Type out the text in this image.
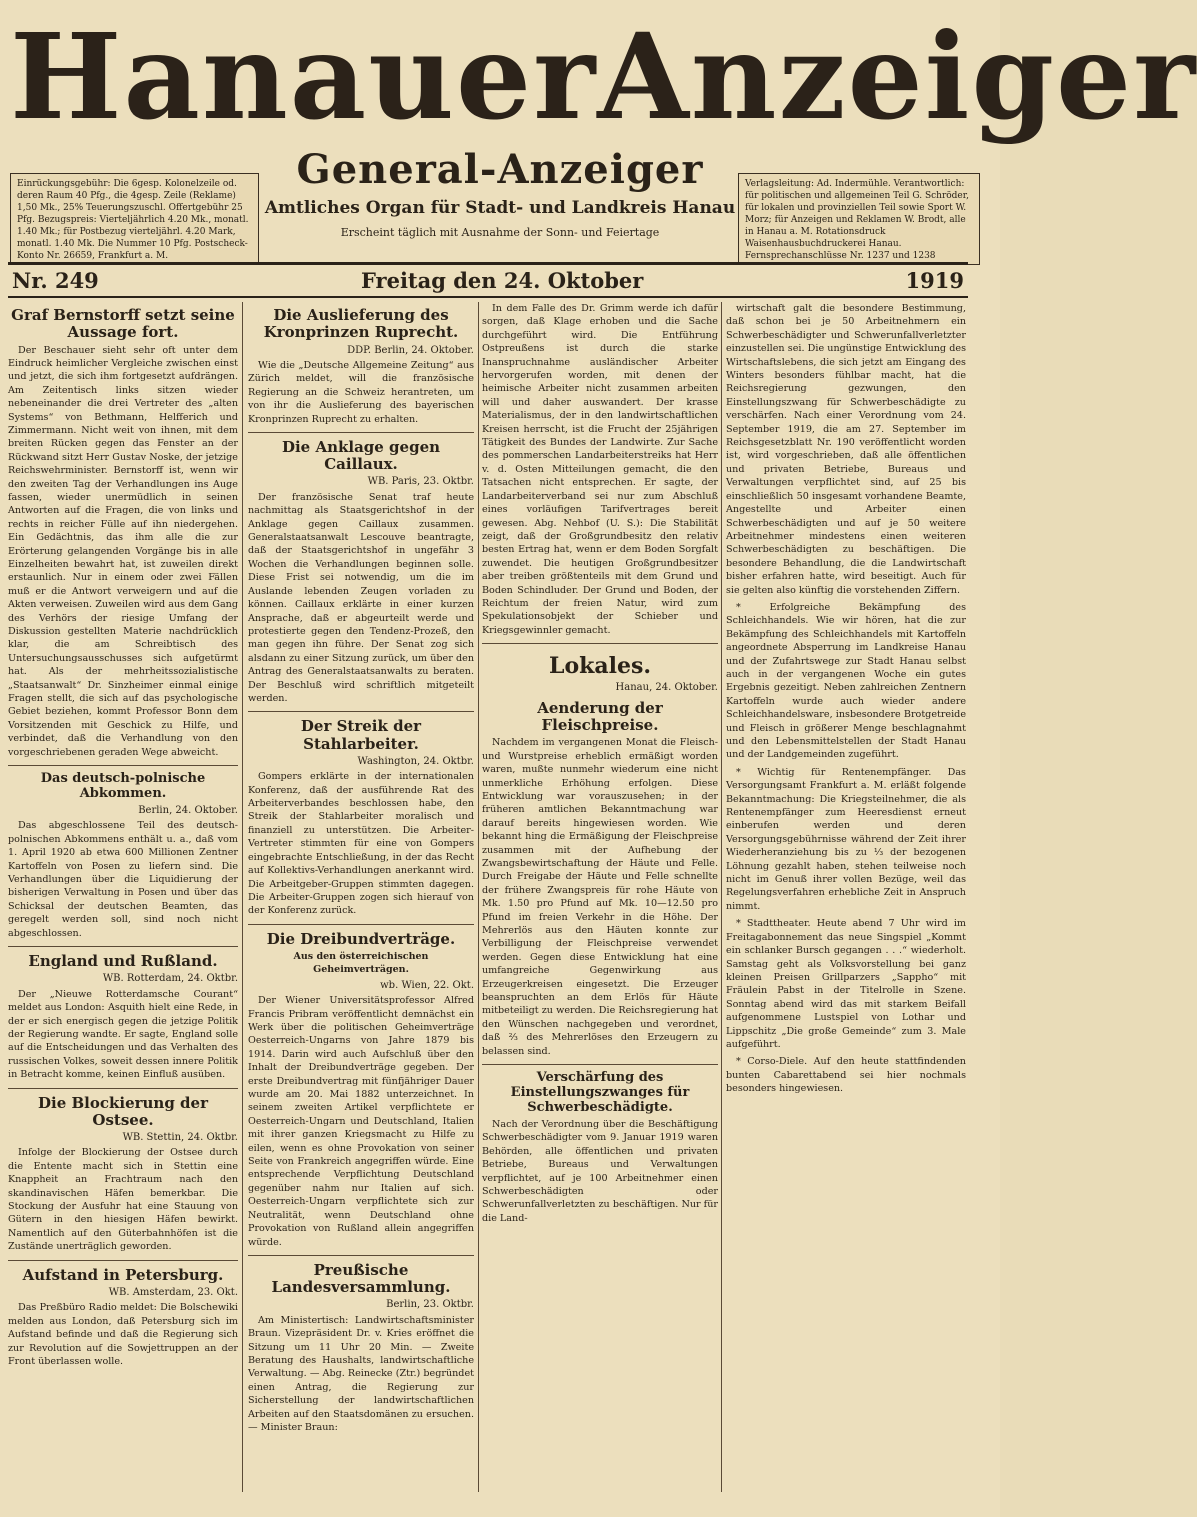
Hanauer Anzeiger
General-Anzeiger
Amtliches Organ für Stadt- und Landkreis Hanau
Erscheint täglich mit Ausnahme der Sonn- und Feiertage
Einrückungsgebühr: Die 6gesp. Kolonelzeile od. deren Raum 40 Pfg., die 4gesp. Zeile (Reklame) 1,50 Mk., 25% Teuerungszuschl. Offertgebühr 25 Pfg. Bezugspreis: Vierteljährlich 4.20 Mk., monatl. 1.40 Mk.; für Postbezug vierteljährl. 4.20 Mark, monatl. 1.40 Mk. Die Nummer 10 Pfg. Postscheck-Konto Nr. 26659, Frankfurt a. M.
Verlagsleitung: Ad. Indermühle. Verantwortlich: für politischen und allgemeinen Teil G. Schröder, für lokalen und provinziellen Teil sowie Sport W. Morz; für Anzeigen und Reklamen W. Brodt, alle in Hanau a. M. Rotationsdruck Waisenhausbuchdruckerei Hanau. Fernsprechanschlüsse Nr. 1237 und 1238
Nr. 249	Freitag den 24. Oktober	1919
Graf Bernstorff setzt seine Aussage fort.

Der Beschauer sieht sehr oft unter dem Eindruck heimlicher Vergleiche zwischen einst und jetzt, die sich ihm fortgesetzt aufdrängen. Am Zeitentisch links sitzen wieder nebeneinander die drei Vertreter des „alten Systems“ von Bethmann, Helfferich und Zimmermann. Nicht weit von ihnen, mit dem breiten Rücken gegen das Fenster an der Rückwand sitzt Herr Gustav Noske, der jetzige Reichswehrminister. Bernstorff ist, wenn wir den zweiten Tag der Verhandlungen ins Auge fassen, wieder unermüdlich in seinen Antworten auf die Fragen, die von links und rechts in reicher Fülle auf ihn niedergehen. Ein Gedächtnis, das ihm alle die zur Erörterung gelangenden Vorgänge bis in alle Einzelheiten bewahrt hat, ist zuweilen direkt erstaunlich. Nur in einem oder zwei Fällen muß er die Antwort verweigern und auf die Akten verweisen. Zuweilen wird aus dem Gang des Verhörs der riesige Umfang der Diskussion gestellten Materie nachdrücklich klar, die am Schreibtisch des Untersuchungsausschusses sich aufgetürmt hat. Als der mehrheitssozialistische „Staatsanwalt“ Dr. Sinzheimer einmal einige Fragen stellt, die sich auf das psychologische Gebiet beziehen, kommt Professor Bonn dem Vorsitzenden mit Geschick zu Hilfe, und verbindet, daß die Verhandlung von den vorgeschriebenen geraden Wege abweicht.

Das deutsch-polnische Abkommen.
Berlin, 24. Oktober.

Das abgeschlossene Teil des deutsch-polnischen Abkommens enthält u. a., daß vom 1. April 1920 ab etwa 600 Millionen Zentner Kartoffeln von Posen zu liefern sind. Die Verhandlungen über die Liquidierung der bisherigen Verwaltung in Posen und über das Schicksal der deutschen Beamten, das geregelt werden soll, sind noch nicht abgeschlossen.

England und Rußland.
WB. Rotterdam, 24. Oktbr.

Der „Nieuwe Rotterdamsche Courant“ meldet aus London: Asquith hielt eine Rede, in der er sich energisch gegen die jetzige Politik der Regierung wandte. Er sagte, England solle auf die Entscheidungen und das Verhalten des russischen Volkes, soweit dessen innere Politik in Betracht komme, keinen Einfluß ausüben.

Die Blockierung der Ostsee.
WB. Stettin, 24. Oktbr.

Infolge der Blockierung der Ostsee durch die Entente macht sich in Stettin eine Knappheit an Frachtraum nach den skandinavischen Häfen bemerkbar. Die Stockung der Ausfuhr hat eine Stauung von Gütern in den hiesigen Häfen bewirkt. Namentlich auf den Güterbahnhöfen ist die Zustände unerträglich geworden.

Aufstand in Petersburg.
WB. Amsterdam, 23. Okt.

Das Preßbüro Radio meldet: Die Bolschewiki melden aus London, daß Petersburg sich im Aufstand befinde und daß die Regierung sich zur Revolution auf die Sowjettruppen an der Front überlassen wolle.

Die Auslieferung des Kronprinzen Ruprecht.
DDP. Berlin, 24. Oktober.

Wie die „Deutsche Allgemeine Zeitung“ aus Zürich meldet, will die französische Regierung an die Schweiz herantreten, um von ihr die Auslieferung des bayerischen Kronprinzen Ruprecht zu erhalten.

Die Anklage gegen Caillaux.
WB. Paris, 23. Oktbr.

Der französische Senat traf heute nachmittag als Staatsgerichtshof in der Anklage gegen Caillaux zusammen. Generalstaatsanwalt Lescouve beantragte, daß der Staatsgerichtshof in ungefähr 3 Wochen die Verhandlungen beginnen solle. Diese Frist sei notwendig, um die im Auslande lebenden Zeugen vorladen zu können. Caillaux erklärte in einer kurzen Ansprache, daß er abgeurteilt werde und protestierte gegen den Tendenz-Prozeß, den man gegen ihn führe. Der Senat zog sich alsdann zu einer Sitzung zurück, um über den Antrag des Generalstaatsanwalts zu beraten. Der Beschluß wird schriftlich mitgeteilt werden.

Der Streik der Stahlarbeiter.
Washington, 24. Oktbr.

Gompers erklärte in der internationalen Konferenz, daß der ausführende Rat des Arbeiterverbandes beschlossen habe, den Streik der Stahlarbeiter moralisch und finanziell zu unterstützen. Die Arbeiter-Vertreter stimmten für eine von Gompers eingebrachte Entschließung, in der das Recht auf Kollektivs-Verhandlungen anerkannt wird. Die Arbeitgeber-Gruppen stimmten dagegen. Die Arbeiter-Gruppen zogen sich hierauf von der Konferenz zurück.

Die Dreibundverträge.
Aus den österreichischen Geheimverträgen.
wb. Wien, 22. Okt.

Der Wiener Universitätsprofessor Alfred Francis Pribram veröffentlicht demnächst ein Werk über die politischen Geheimverträge Oesterreich-Ungarns von Jahre 1879 bis 1914. Darin wird auch Aufschluß über den Inhalt der Dreibundverträge gegeben. Der erste Dreibundvertrag mit fünfjähriger Dauer wurde am 20. Mai 1882 unterzeichnet. In seinem zweiten Artikel verpflichtete er Oesterreich-Ungarn und Deutschland, Italien mit ihrer ganzen Kriegsmacht zu Hilfe zu eilen, wenn es ohne Provokation von seiner Seite von Frankreich angegriffen würde. Eine entsprechende Verpflichtung Deutschland gegenüber nahm nur Italien auf sich. Oesterreich-Ungarn verpflichtete sich zur Neutralität, wenn Deutschland ohne Provokation von Rußland allein angegriffen würde.

Preußische Landesversammlung.
Berlin, 23. Oktbr.

Am Ministertisch: Landwirtschaftsminister Braun. Vizepräsident Dr. v. Kries eröffnet die Sitzung um 11 Uhr 20 Min. — Zweite Beratung des Haushalts, landwirtschaftliche Verwaltung. — Abg. Reinecke (Ztr.) begründet einen Antrag, die Regierung zur Sicherstellung der landwirtschaftlichen Arbeiten auf den Staatsdomänen zu ersuchen. — Minister Braun:

In dem Falle des Dr. Grimm werde ich dafür sorgen, daß Klage erhoben und die Sache durchgeführt wird. Die Entführung Ostpreußens ist durch die starke Inanspruchnahme ausländischer Arbeiter hervorgerufen worden, mit denen der heimische Arbeiter nicht zusammen arbeiten will und daher auswandert. Der krasse Materialismus, der in den landwirtschaftlichen Kreisen herrscht, ist die Frucht der 25jährigen Tätigkeit des Bundes der Landwirte. Zur Sache des pommerschen Landarbeiterstreiks hat Herr v. d. Osten Mitteilungen gemacht, die den Tatsachen nicht entsprechen. Er sagte, der Landarbeiterverband sei nur zum Abschluß eines vorläufigen Tarifvertrages bereit gewesen. Abg. Nehbof (U. S.): Die Stabilität zeigt, daß der Großgrundbesitz den relativ besten Ertrag hat, wenn er dem Boden Sorgfalt zuwendet. Die heutigen Großgrundbesitzer aber treiben größtenteils mit dem Grund und Boden Schindluder. Der Grund und Boden, der Reichtum der freien Natur, wird zum Spekulationsobjekt der Schieber und Kriegsgewinnler gemacht.

Lokales.
Hanau, 24. Oktober.
Aenderung der Fleischpreise.

Nachdem im vergangenen Monat die Fleisch- und Wurstpreise erheblich ermäßigt worden waren, mußte nunmehr wiederum eine nicht unmerkliche Erhöhung erfolgen. Diese Entwicklung war vorauszusehen; in der früheren amtlichen Bekanntmachung war darauf bereits hingewiesen worden. Wie bekannt hing die Ermäßigung der Fleischpreise zusammen mit der Aufhebung der Zwangsbewirtschaftung der Häute und Felle. Durch Freigabe der Häute und Felle schnellte der frühere Zwangspreis für rohe Häute von Mk. 1.50 pro Pfund auf Mk. 10—12.50 pro Pfund im freien Verkehr in die Höhe. Der Mehrerlös aus den Häuten konnte zur Verbilligung der Fleischpreise verwendet werden. Gegen diese Entwicklung hat eine umfangreiche Gegenwirkung aus Erzeugerkreisen eingesetzt. Die Erzeuger beanspruchten an dem Erlös für Häute mitbeteiligt zu werden. Die Reichsregierung hat den Wünschen nachgegeben und verordnet, daß ⅔ des Mehrerlöses den Erzeugern zu belassen sind.

Verschärfung des Einstellungszwanges für Schwerbeschädigte.

Nach der Verordnung über die Beschäftigung Schwerbeschädigter vom 9. Januar 1919 waren Behörden, alle öffentlichen und privaten Betriebe, Bureaus und Verwaltungen verpflichtet, auf je 100 Arbeitnehmer einen Schwerbeschädigten oder Schwerunfallverletzten zu beschäftigen. Nur für die Land-

wirtschaft galt die besondere Bestimmung, daß schon bei je 50 Arbeitnehmern ein Schwerbeschädigter und Schwerunfallverletzter einzustellen sei. Die ungünstige Entwicklung des Wirtschaftslebens, die sich jetzt am Eingang des Winters besonders fühlbar macht, hat die Reichsregierung gezwungen, den Einstellungszwang für Schwerbeschädigte zu verschärfen. Nach einer Verordnung vom 24. September 1919, die am 27. September im Reichsgesetzblatt Nr. 190 veröffentlicht worden ist, wird vorgeschrieben, daß alle öffentlichen und privaten Betriebe, Bureaus und Verwaltungen verpflichtet sind, auf 25 bis einschließlich 50 insgesamt vorhandene Beamte, Angestellte und Arbeiter einen Schwerbeschädigten und auf je 50 weitere Arbeitnehmer mindestens einen weiteren Schwerbeschädigten zu beschäftigen. Die besondere Behandlung, die die Landwirtschaft bisher erfahren hatte, wird beseitigt. Auch für sie gelten also künftig die vorstehenden Ziffern.

* Erfolgreiche Bekämpfung des Schleichhandels. Wie wir hören, hat die zur Bekämpfung des Schleichhandels mit Kartoffeln angeordnete Absperrung im Landkreise Hanau und der Zufahrtswege zur Stadt Hanau selbst auch in der vergangenen Woche ein gutes Ergebnis gezeitigt. Neben zahlreichen Zentnern Kartoffeln wurde auch wieder andere Schleichhandelsware, insbesondere Brotgetreide und Fleisch in größerer Menge beschlagnahmt und den Lebensmittelstellen der Stadt Hanau und der Landgemeinden zugeführt.

* Wichtig für Rentenempfänger. Das Versorgungsamt Frankfurt a. M. erläßt folgende Bekanntmachung: Die Kriegsteilnehmer, die als Rentenempfänger zum Heeresdienst erneut einberufen werden und deren Versorgungsgebührnisse während der Zeit ihrer Wiederheranziehung bis zu ⅟₃ der bezogenen Löhnung gezahlt haben, stehen teilweise noch nicht im Genuß ihrer vollen Bezüge, weil das Regelungsverfahren erhebliche Zeit in Anspruch nimmt.

* Stadttheater. Heute abend 7 Uhr wird im Freitagabonnement das neue Singspiel „Kommt ein schlanker Bursch gegangen . . .“ wiederholt. Samstag geht als Volksvorstellung bei ganz kleinen Preisen Grillparzers „Sappho“ mit Fräulein Pabst in der Titelrolle in Szene. Sonntag abend wird das mit starkem Beifall aufgenommene Lustspiel von Lothar und Lippschitz „Die große Gemeinde“ zum 3. Male aufgeführt.

* Corso-Diele. Auf den heute stattfindenden bunten Cabarettabend sei hier nochmals besonders hingewiesen.
